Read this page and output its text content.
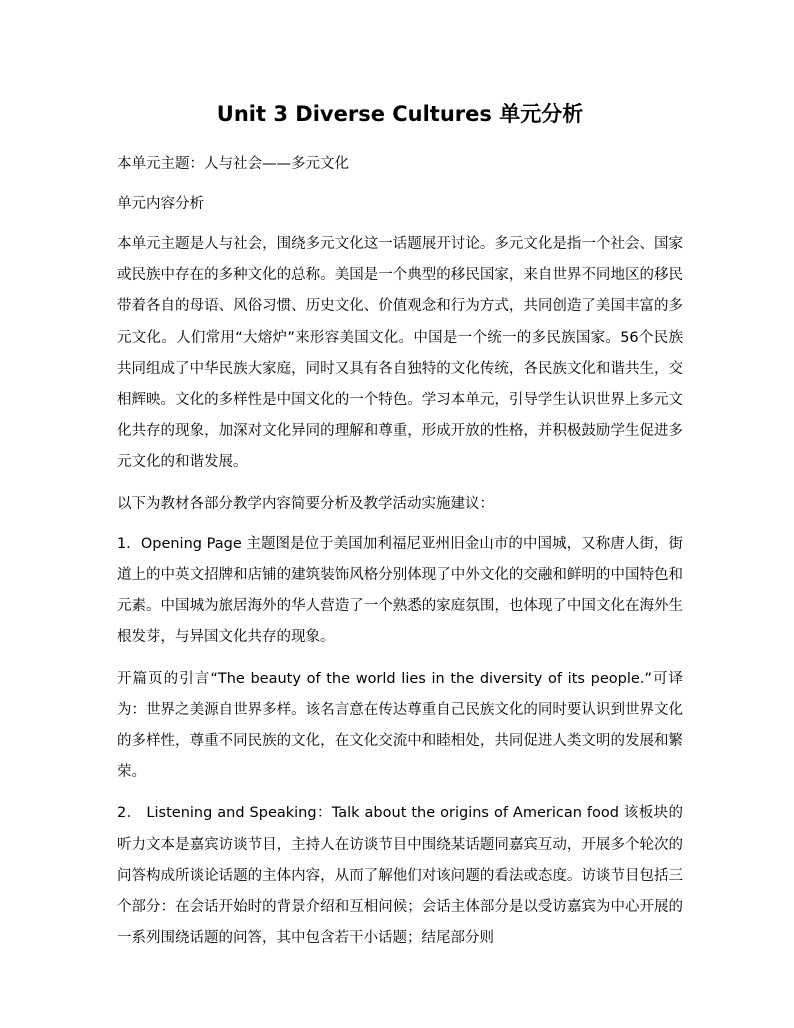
Unit 3 Diverse Cultures 单元分析

本单元主题：人与社会——多元文化

单元内容分析

本单元主题是人与社会，围绕多元文化这一话题展开讨论。多元文化是指一个社会、国家或民族中存在的多种文化的总称。美国是一个典型的移民国家，来自世界不同地区的移民带着各自的母语、风俗习惯、历史文化、价值观念和行为方式，共同创造了美国丰富的多元文化。人们常用“大熔炉”来形容美国文化。中国是一个统一的多民族国家。56个民族共同组成了中华民族大家庭，同时又具有各自独特的文化传统，各民族文化和谐共生，交相辉映。文化的多样性是中国文化的一个特色。学习本单元，引导学生认识世界上多元文化共存的现象，加深对文化异同的理解和尊重，形成开放的性格，并积极鼓励学生促进多元文化的和谐发展。

以下为教材各部分教学内容简要分析及教学活动实施建议：

1．Opening Page 主题图是位于美国加利福尼亚州旧金山市的中国城，又称唐人街，街道上的中英文招牌和店铺的建筑装饰风格分别体现了中外文化的交融和鲜明的中国特色和元素。中国城为旅居海外的华人营造了一个熟悉的家庭氛围，也体现了中国文化在海外生根发芽，与异国文化共存的现象。

开篇页的引言“The beauty of the world lies in the diversity of its people.”可译为：世界之美源自世界多样。该名言意在传达尊重自己民族文化的同时要认识到世界文化的多样性，尊重不同民族的文化，在文化交流中和睦相处，共同促进人类文明的发展和繁荣。

2． Listening and Speaking：Talk about the origins of American food 该板块的听力文本是嘉宾访谈节目，主持人在访谈节目中围绕某话题同嘉宾互动，开展多个轮次的问答构成所谈论话题的主体内容，从而了解他们对该问题的看法或态度。访谈节目包括三个部分：在会话开始时的背景介绍和互相问候；会话主体部分是以受访嘉宾为中心开展的一系列围绕话题的问答，其中包含若干小话题；结尾部分则
